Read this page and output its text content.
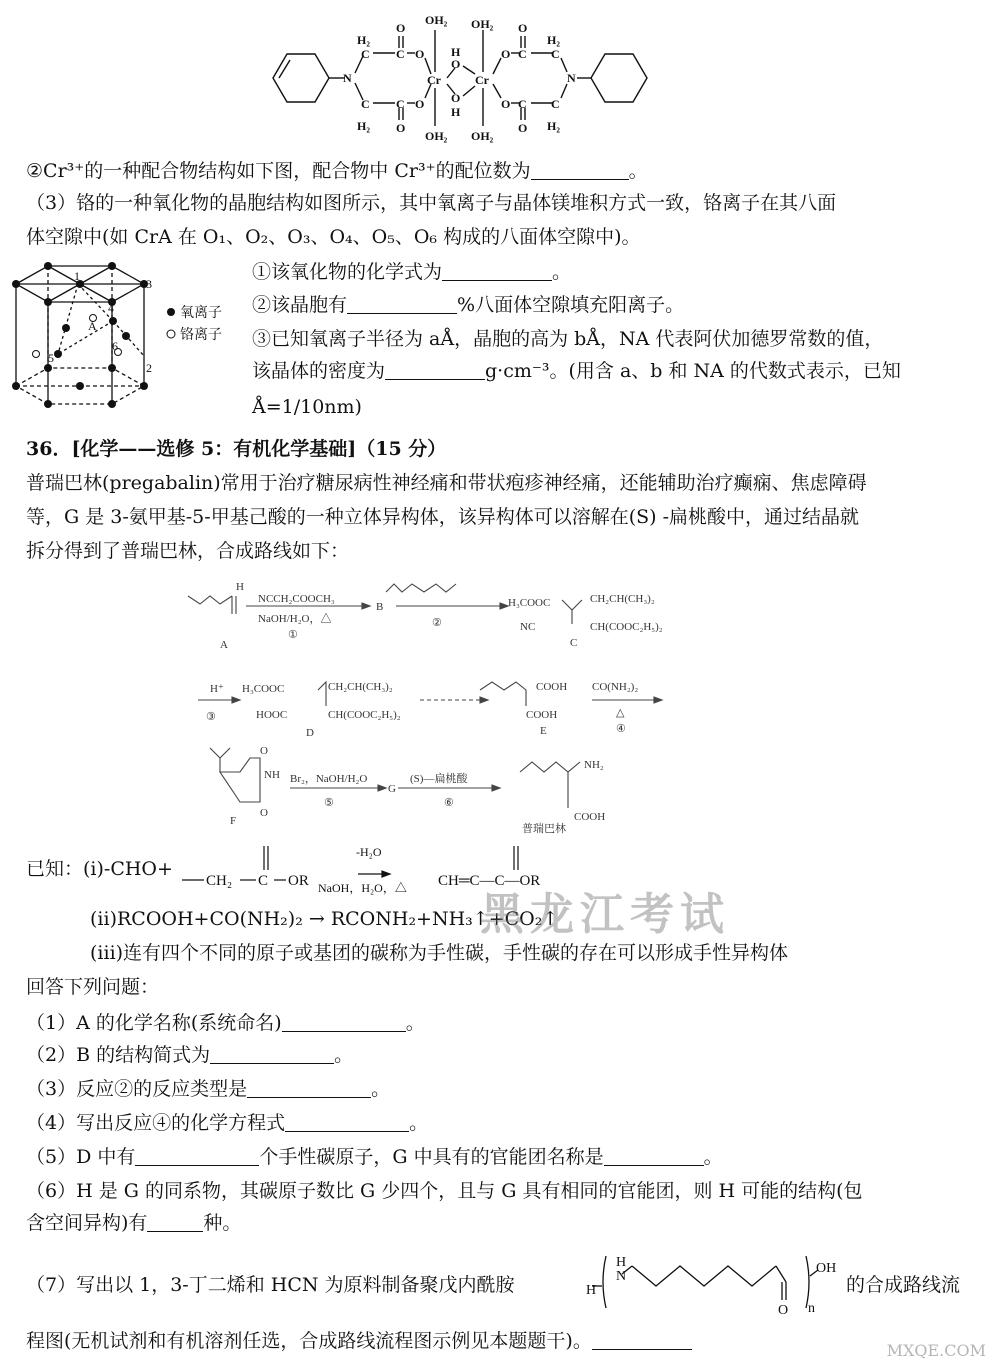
N
H₂
C
O
C O
H₂
C
O
C O
Cr
OH₂
OH₂
H
O
O
H
Cr
OH₂
OH₂
O C
O
C
H₂
O C
O
C
H₂
N
②Cr³⁺的一种配合物结构如下图，配合物中 Cr³⁺的配位数为	。
（3）铬的一种氧化物的晶胞结构如图所示，其中氧离子与晶体镁堆积方式一致，铬离子在其八面
体空隙中(如 CrA 在 O₁、O₂、O₃、O₄、O₅、O₆ 构成的八面体空隙中)。
1
2
3
4
5
6
A
氧离子
铬离子
①该氧化物的化学式为	。
②该晶胞有	%八面体空隙填充阳离子。
③已知氧离子半径为 aÅ，晶胞的高为 bÅ，NA 代表阿伏加德罗常数的值，
该晶体的密度为	g·cm⁻³。(用含 a、b 和 NA 的代数式表示，已知
Å=1/10nm)
36．[化学——选修 5：有机化学基础]（15 分）
普瑞巴林(pregabalin)常用于治疗糖尿病性神经痛和带状疱疹神经痛，还能辅助治疗癫痫、焦虑障碍
等，G 是 3-氨甲基-5-甲基己酸的一种立体异构体，该异构体可以溶解在(S) -扁桃酸中，通过结晶就
拆分得到了普瑞巴林，合成路线如下：
H
A
NCCH₂COOCH₃
NaOH/H₂O，△
①
B
②
H₃COOC
NC
CH₂CH(CH₃)₂
CH(COOC₂H₅)₂
C
H⁺
③
H₃COOC
HOOC
CH₂CH(CH₃)₂
CH(COOC₂H₅)₂
D
COOH
COOH
E
CO(NH₂)₂
△
④
NH
O
O
F
Br₂，NaOH/H₂O
⑤
G
(S)—扁桃酸
⑥
NH₂
COOH
普瑞巴林
已知：(i)-CHO+
CH₂ C OR	CH═C—C—OR
-H₂O
NaOH，H₂O，△
(ii)RCOOH+CO(NH₂)₂ → RCONH₂+NH₃↑+CO₂↑
(iii)连有四个不同的原子或基团的碳称为手性碳，手性碳的存在可以形成手性异构体
回答下列问题：
（1）A 的化学名称(系统命名)	。
（2）B 的结构简式为	。
（3）反应②的反应类型是	。
（4）写出反应④的化学方程式	。
（5）D 中有	个手性碳原子，G 中具有的官能团名称是	。
（6）H 是 G 的同系物，其碳原子数比 G 少四个，且与 G 具有相同的官能团，则 H 可能的结构(包
含空间异构)有	种。
（7）写出以 1，3-丁二烯和 HCN 为原料制备聚戊内酰胺	H
H
N
OH
n
O
的合成路线流
程图(无机试剂和有机溶剂任选，合成路线流程图示例见本题题干)。
黑龙江考试
MXQE.COM
